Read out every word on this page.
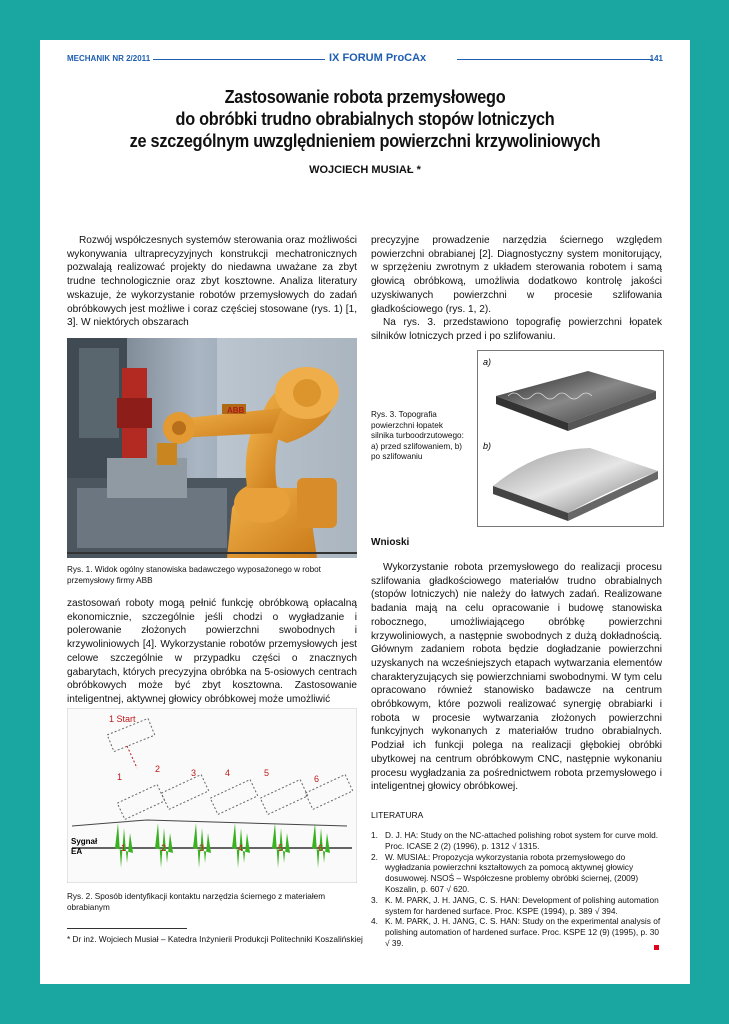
MECHANIK NR 2/2011	IX FORUM ProCAx	141
Zastosowanie robota przemysłowego
do obróbki trudno obrabialnych stopów lotniczych
ze szczególnym uwzględnieniem powierzchni krzywoliniowych
WOJCIECH MUSIAŁ *

Rozwój współczesnych systemów sterowania oraz możliwości wykonywania ultraprecyzyjnych konstrukcji mechatronicznych pozwalają realizować projekty do niedawna uważane za zbyt trudne technologicznie oraz zbyt kosztowne. Analiza literatury wskazuje, że wykorzystanie robotów przemysłowych do zadań obróbkowych jest możliwe i coraz częściej stosowane (rys. 1) [1, 3]. W niektórych obszarach

ABB
Rys. 1. Widok ogólny stanowiska badawczego wyposażonego w robot przemysłowy firmy ABB

zastosowań roboty mogą pełnić funkcję obróbkową opłacalną ekonomicznie, szczególnie jeśli chodzi o wygładzanie i polerowanie złożonych powierzchni swobodnych i krzywoliniowych [4]. Wykorzystanie robotów przemysłowych jest celowe szczególnie w przypadku części o znacznych gabarytach, których precyzyjna obróbka na 5-osiowych centrach obróbkowych może być zbyt kosztowna. Zastosowanie inteligentnej, aktywnej głowicy obróbkowej może umożliwić

1 Start
1
2	3	4	5
6
Sygnał
EA	1	2	3	4	5	6
Rys. 2. Sposób identyfikacji kontaktu narzędzia ściernego z materiałem obrabianym
* Dr inż. Wojciech Musiał – Katedra Inżynierii Produkcji Politechniki Koszalińskiej

precyzyjne prowadzenie narzędzia ściernego względem powierzchni obrabianej [2]. Diagnostyczny system monitorujący, w sprzężeniu zwrotnym z układem sterowania robotem i samą głowicą obróbkową, umożliwia dodatkowo kontrolę jakości uzyskiwanych powierzchni w procesie szlifowania gładkościowego (rys. 1, 2).

Na rys. 3. przedstawiono topografię powierzchni łopatek silników lotniczych przed i po szlifowaniu.

Rys. 3. Topografia powierzchni łopatek silnika turboodrzutowego: a) przed szlifowaniem, b) po szlifowaniu
a)
b)
Wnioski

Wykorzystanie robota przemysłowego do realizacji procesu szlifowania gładkościowego materiałów trudno obrabialnych (stopów lotniczych) nie należy do łatwych zadań. Realizowane badania mają na celu opracowanie i budowę stanowiska robocznego, umożliwiającego obróbkę powierzchni krzywoliniowych, a następnie swobodnych z dużą dokładnością. Głównym zadaniem robota będzie dogładzanie powierzchni uzyskanych na wcześniejszych etapach wytwarzania elementów charakteryzujących się powierzchniami swobodnymi. W tym celu opracowano również stanowisko badawcze na centrum obróbkowym, które pozwoli realizować synergię obrabiarki i robota w procesie wytwarzania złożonych powierzchni funkcyjnych wykonanych z materiałów trudno obrabialnych. Podział ich funkcji polega na realizacji głębokiej obróbki ubytkowej na centrum obróbkowym CNC, następnie wykonaniu procesu wygładzania za pośrednictwem robota przemysłowego i inteligentnej głowicy obróbkowej.

LITERATURA
1. D. J. HA: Study on the NC-attached polishing robot system for curve mold. Proc. ICASE 2 (2) (1996), p. 1312 √ 1315.
2. W. MUSIAŁ: Propozycja wykorzystania robota przemysłowego do wygładzania powierzchni kształtowych za pomocą aktywnej głowicy dosuwowej. NSOŚ – Współczesne problemy obróbki ściernej, (2009) Koszalin, p. 607 √ 620.
3. K. M. PARK, J. H. JANG, C. S. HAN: Development of polishing automation system for hardened surface. Proc. KSPE (1994), p. 389 √ 394.
4. K. M. PARK, J. H. JANG, C. S. HAN: Study on the experimental analysis of polishing automation of hardened surface. Proc. KSPE 12 (9) (1995), p. 30 √ 39.
